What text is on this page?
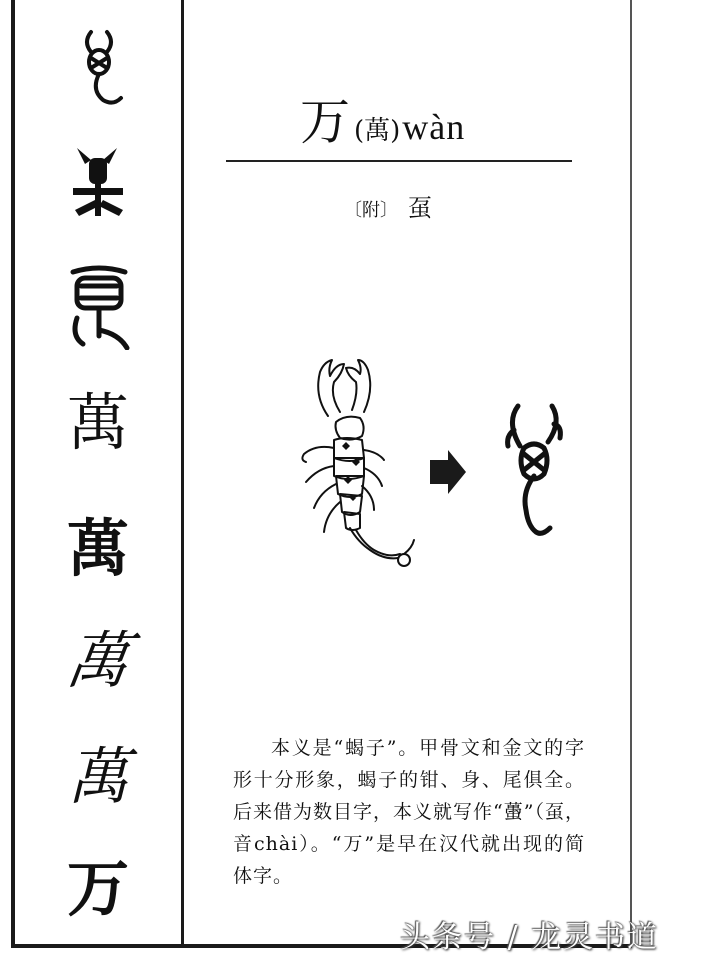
萬
萬
萬
萬
万
万 (萬)wàn
〔附〕 虿

本义是“蝎子”。甲骨文和金文的字形十分形象，蝎子的钳、身、尾俱全。后来借为数目字，本义就写作“蠆”（虿，音chài）。“万”是早在汉代就出现的简体字。

头条号 / 龙灵书道
